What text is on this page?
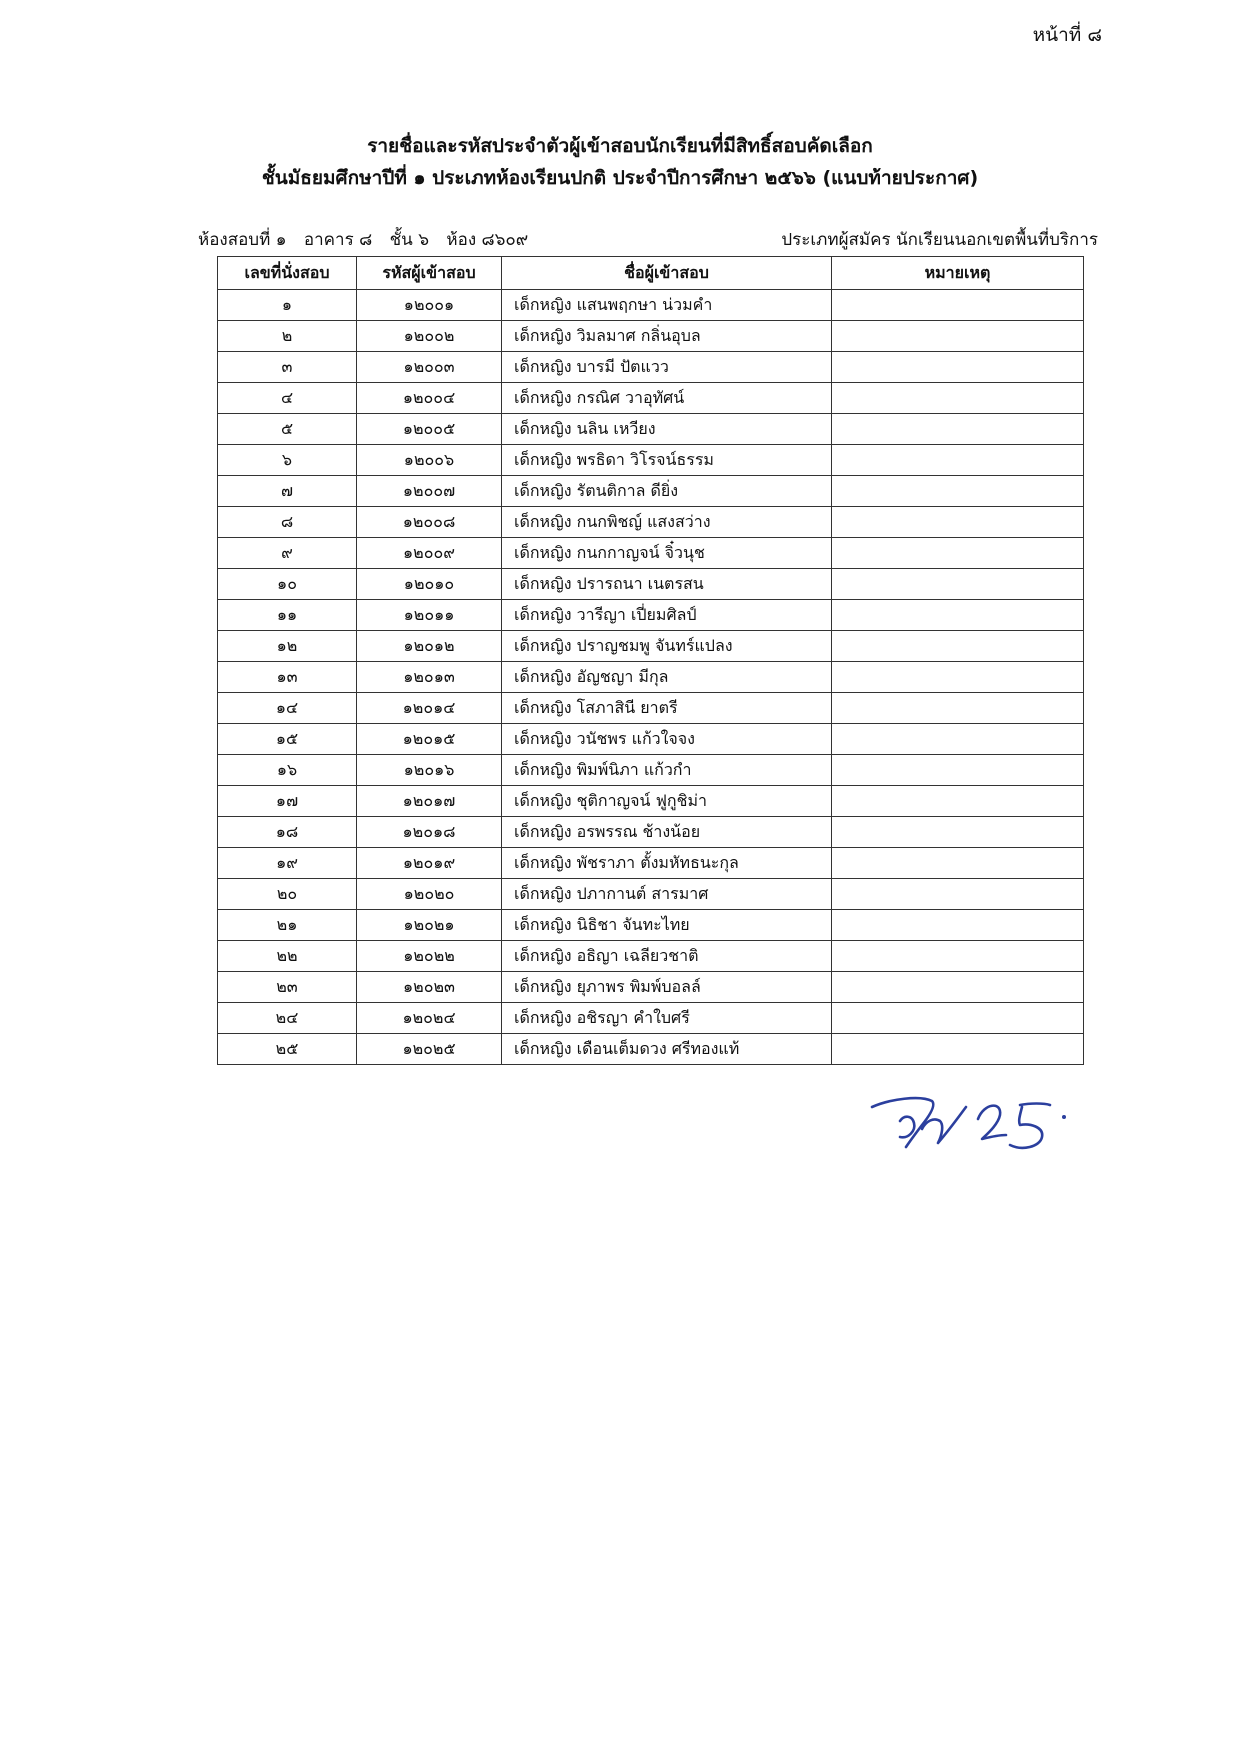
หน้าที่ ๘
รายชื่อและรหัสประจำตัวผู้เข้าสอบนักเรียนที่มีสิทธิ์สอบคัดเลือก
ชั้นมัธยมศึกษาปีที่ ๑ ประเภทห้องเรียนปกติ ประจำปีการศึกษา ๒๕๖๖ (แนบท้ายประกาศ)
ห้องสอบที่ ๑ อาคาร ๘ ชั้น ๖ ห้อง ๘๖๐๙	ประเภทผู้สมัคร นักเรียนนอกเขตพื้นที่บริการ
เลขที่นั่งสอบ	รหัสผู้เข้าสอบ	ชื่อผู้เข้าสอบ	หมายเหตุ
๑	๑๒๐๐๑	เด็กหญิง แสนพฤกษา น่วมคำ	
๒	๑๒๐๐๒	เด็กหญิง วิมลมาศ กลิ่นอุบล	
๓	๑๒๐๐๓	เด็กหญิง บารมี ปัตแวว	
๔	๑๒๐๐๔	เด็กหญิง กรณิศ วาอุทัศน์	
๕	๑๒๐๐๕	เด็กหญิง นลิน เหวียง	
๖	๑๒๐๐๖	เด็กหญิง พรธิดา วิโรจน์ธรรม	
๗	๑๒๐๐๗	เด็กหญิง รัตนติกาล ดียิ่ง	
๘	๑๒๐๐๘	เด็กหญิง กนกพิชญ์ แสงสว่าง	
๙	๑๒๐๐๙	เด็กหญิง กนกกาญจน์ จิ๋วนุช	
๑๐	๑๒๐๑๐	เด็กหญิง ปรารถนา เนตรสน	
๑๑	๑๒๐๑๑	เด็กหญิง วารีญา เปี่ยมศิลป์	
๑๒	๑๒๐๑๒	เด็กหญิง ปราญชมพู จันทร์แปลง	
๑๓	๑๒๐๑๓	เด็กหญิง อัญชญา มีกุล	
๑๔	๑๒๐๑๔	เด็กหญิง โสภาสินี ยาตรี	
๑๕	๑๒๐๑๕	เด็กหญิง วนัชพร แก้วใจจง	
๑๖	๑๒๐๑๖	เด็กหญิง พิมพ์นิภา แก้วกำ	
๑๗	๑๒๐๑๗	เด็กหญิง ชุติกาญจน์ ฟูกูชิม่า	
๑๘	๑๒๐๑๘	เด็กหญิง อรพรรณ ช้างน้อย	
๑๙	๑๒๐๑๙	เด็กหญิง พัชราภา ตั้งมหัทธนะกุล	
๒๐	๑๒๐๒๐	เด็กหญิง ปภากานต์ สารมาศ	
๒๑	๑๒๐๒๑	เด็กหญิง นิธิชา จันทะไทย	
๒๒	๑๒๐๒๒	เด็กหญิง อธิญา เฉลียวชาติ	
๒๓	๑๒๐๒๓	เด็กหญิง ยุภาพร พิมพ์บอลล์	
๒๔	๑๒๐๒๔	เด็กหญิง อชิรญา คำใบศรี	
๒๕	๑๒๐๒๕	เด็กหญิง เดือนเต็มดวง ศรีทองแท้	
